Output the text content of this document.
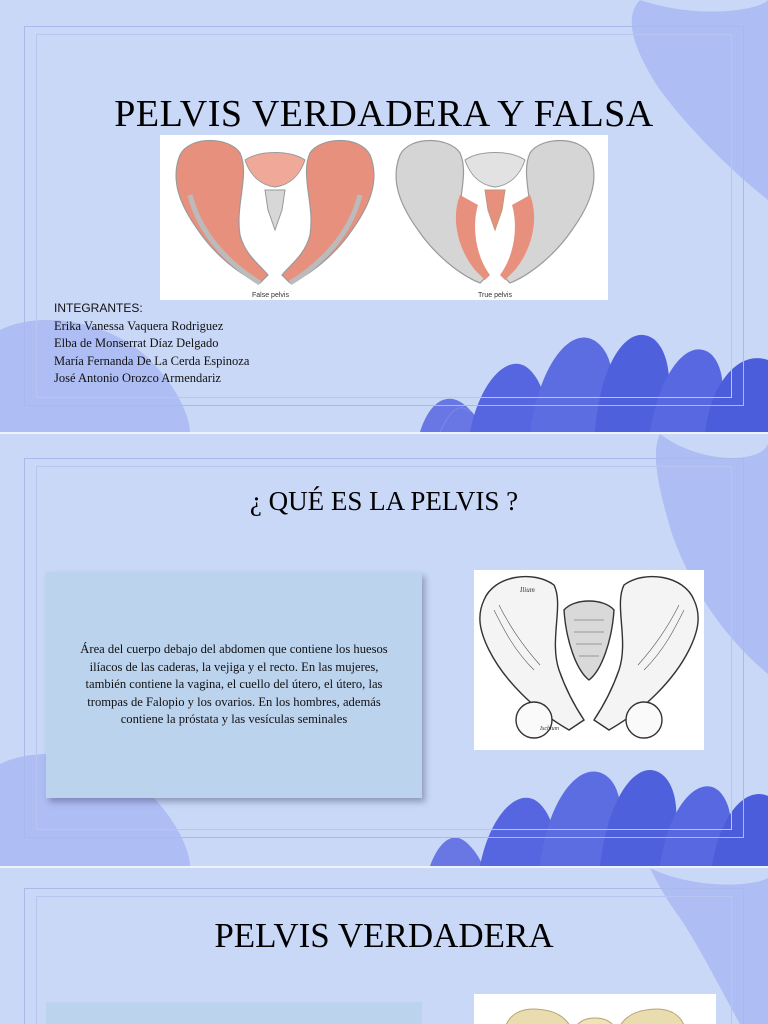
PELVIS VERDADERA Y FALSA
False pelvis	True pelvis
INTEGRANTES:
Erika Vanessa Vaquera Rodriguez
Elba de Monserrat Díaz Delgado
María Fernanda De La Cerda Espinoza
José Antonio Orozco Armendariz
¿ QUÉ ES LA PELVIS ?

Área del cuerpo debajo del abdomen que contiene los huesos ilíacos de las caderas, la vejiga y el recto. En las mujeres, también contiene la vagina, el cuello del útero, el útero, las trompas de Falopio y los ovarios. En los hombres, además contiene la próstata y las vesículas seminales

Ilium
Ischium
PELVIS VERDADERA
